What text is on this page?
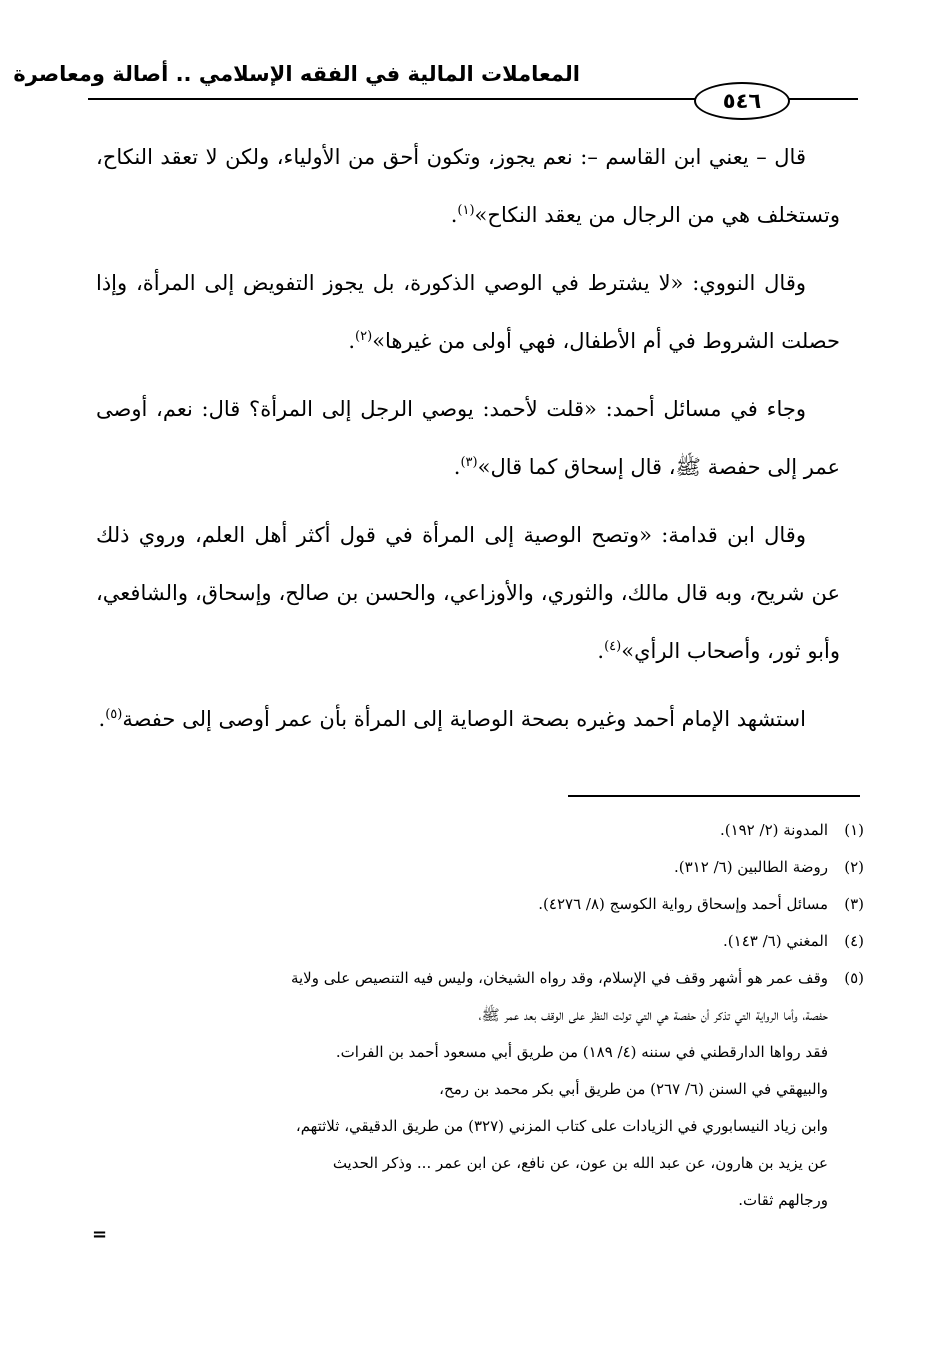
المعاملات المالية في الفقه الإسلامي .. أصالة ومعاصرة
٥٤٦

قال – يعني ابن القاسم –: نعم يجوز، وتكون أحق من الأولياء، ولكن لا تعقد النكاح، وتستخلف هي من الرجال من يعقد النكاح»$^{(١)}$.

وقال النووي: «لا يشترط في الوصي الذكورة، بل يجوز التفويض إلى المرأة، وإذا حصلت الشروط في أم الأطفال، فهي أولى من غيرها»$^{(٢)}$.

وجاء في مسائل أحمد: «قلت لأحمد: يوصي الرجل إلى المرأة؟ قال: نعم، أوصى عمر إلى حفصة ﷺ، قال إسحاق كما قال»$^{(٣)}$.

وقال ابن قدامة: «وتصح الوصية إلى المرأة في قول أكثر أهل العلم، وروي ذلك عن شريح، وبه قال مالك، والثوري، والأوزاعي، والحسن بن صالح، وإسحاق، والشافعي، وأبو ثور، وأصحاب الرأي»$^{(٤)}$.

استشهد الإمام أحمد وغيره بصحة الوصاية إلى المرأة بأن عمر أوصى إلى حفصة$^{(٥)}$.

(١)
المدونة (٢/ ١٩٢).
(٢)
روضة الطالبين (٦/ ٣١٢).
(٣)
مسائل أحمد وإسحاق رواية الكوسج (٨/ ٤٢٧٦).
(٤)
المغني (٦/ ١٤٣).
(٥)
وقف عمر هو أشهر وقف في الإسلام، وقد رواه الشيخان، وليس فيه التنصيص على ولاية
حفصة، وأما الرواية التي تذكر أن حفصة هي التي تولت النظر على الوقف بعد عمر ﷺ،
فقد رواها الدارقطني في سننه (٤/ ١٨٩) من طريق أبي مسعود أحمد بن الفرات.
والبيهقي في السنن (٦/ ٢٦٧) من طريق أبي بكر محمد بن رمح،
وابن زياد النيسابوري في الزيادات على كتاب المزني (٣٢٧) من طريق الدقيقي، ثلاثتهم،
عن يزيد بن هارون، عن عبد الله بن عون، عن نافع، عن ابن عمر ... وذكر الحديث
ورجالهم ثقات.
=
